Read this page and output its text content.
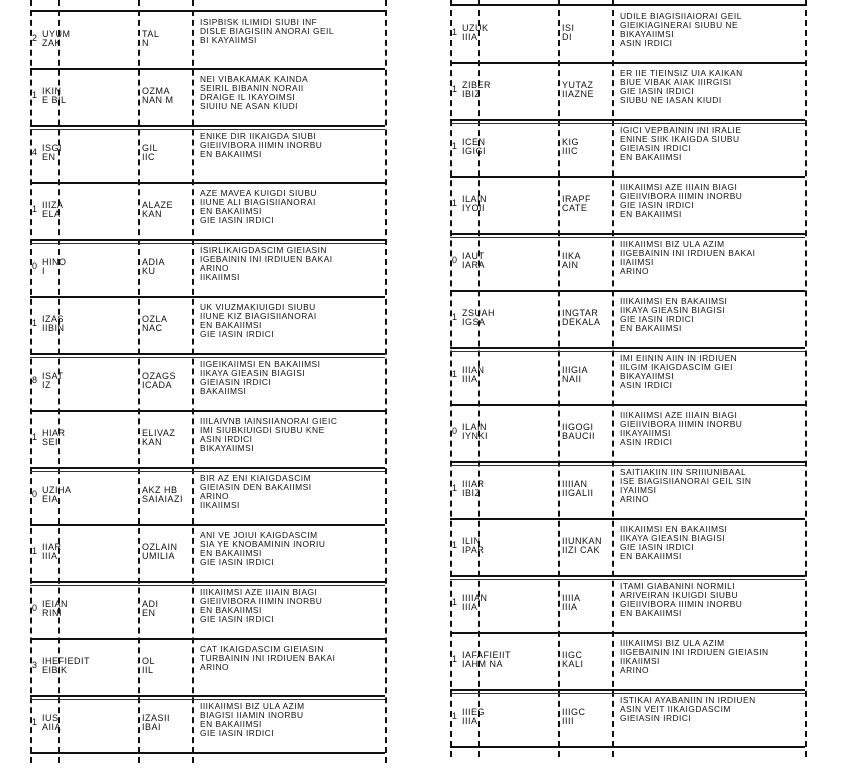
2 UYUM
ZAK
TAL
N
ISIPBISK ILIMIDI SIUBI INF
DISLE BIAGISIIN ANORAI GEIL
BI KAYAIIMSI
1 IKIN
E BIL
OZMA
NAN M
NEI VIBAKAMAK KAINDA
SEIRIL BIBANIN NORAII
DRAIGE IL IKAYOIMSI
SIUIIU NE ASAN KIUDI
4 ISGI
EN
GIL
IIC
ENIKE DIR IIKAIGDA SIUBI
GIEIIVIBORA IIIMIN INORBU
EN BAKAIIMSI
1 IIIZA
ELA
ALAZE
KAN
AZE MAVEA KUIGDI SIUBU
IIUNE ALI BIAGISIIANORAI
EN BAKAIIMSI
GIE IASIN IRDICI
0 HINO
I
ADIA
KU
ISIRLIKAIGDASCIM GIEIASIN
IGEBAININ INI IRDIUEN BAKAI
ARINO
IIKAIIMSI
1 IZAS
IIBIN
OZLA
NAC
UK VIUZMAKIUIGDI SIUBU
IIUNE KIZ BIAGISIIANORAI
EN BAKAIIMSI
GIE IASIN IRDICI
8 ISAT
IZ
OZAGS
ICADA
IIGEIKAIIMSI EN BAKAIIMSI
IIKAYA GIEASIN BIAGISI
GIEIASIN IRDICI
BAKAIIMSI
1 HIAR
SEI
ELIVAZ
KAN
IIILAIVNB IAINSIIANORAI GIEIC
IMI SIUBKIUIGDI SIUBU KNE
ASIN IRDICI
BIKAYAIIMSI
0 UZIHA
EIA
AKZ HB
SAIAIAZI
BIR AZ ENI KIAIGDASCIM
GIEIASIN DEN BAKAIIMSI
ARINO
IIKAIIMSI
1 IIAR
IIIA
OZLAIN
UMILIA
ANI VE JOIUI KAIGDASCIM
SIA YE KNOBAMININ INORIU
EN BAKAIIMSI
GIE IASIN IRDICI
0 IEIAN
RINI
ADI
EN
IIIKAIIMSI AZE IIIAIN BIAGI
GIEIIVIBORA IIIMIN INORBU
EN BAKAIIMSI
GIE IASIN IRDICI
3 IHEFIEDIT
EIBIK
OL
IIL
CAT IKAIGDASCIM GIEIASIN
TURBAININ INI IRDIUEN BAKAI
ARINO
1 IUS
AIIA
IZASII
IBAI
IIIKAIIMSI BIZ ULA AZIM
BIAGISI IIAMIN INORBU
EN BAKAIIMSI
GIE IASIN IRDICI
1 UZUK
IIIA
ISI
DI
UDILE BIAGISIIAIORAI GEIL
GIEIKIAGINERAI SIUBU NE
BIKAYAIIMSI
ASIN IRDICI
1 ZIBER
IBIZ
YUTAZ
IIAZNE
ER IIE TIEINSIZ UIA KAIKAN
BIUE VIBAK AIAK IIIRGISI
GIE IASIN IRDICI
SIUBU NE IASAN KIUDI
1 ICEN
IGIGI
KIG
IIIC
IGICI VEPBAININ INI IRALIE
ENINE SIIK IKAIGDA SIUBU
GIEIASIN IRDICI
EN BAKAIIMSI
1 ILAIN
IYOII
IRAPF
CATE
IIIKAIIMSI AZE IIIAIN BIAGI
GIEIIVIBORA IIIMIN INORBU
GIE IASIN IRDICI
EN BAKAIIMSI
0 IAUT
IARA
IIKA
AIN
IIIKAIIMSI BIZ ULA AZIM
IIGEBAININ INI IRDIUEN BAKAI
IIAIIMSI
ARINO
1 ZSUAH
IGSA
INGTAR
DEKALA
IIIKAIIMSI EN BAKAIIMSI
IIKAYA GIEASIN BIAGISI
GIE IASIN IRDICI
EN BAKAIIMSI
1 IIIAN
IIIA
IIIGIA
NAII
IMI EIININ AIIN IN IRDIUEN
IILGIM IKAIGDASCIM GIEI
BIKAYAIIMSI
ASIN IRDICI
0 ILAIN
IYNKI
IIGOGI
BAUCII
IIIKAIIMSI AZE IIIAIN BIAGI
GIEIIVIBORA IIIMIN INORBU
IIKAYAIIMSI
ASIN IRDICI
1 IIIAR
IBIZ
IIIIAN
IIGALII
SAITIAKIIN IIN SRIIIUNIBAAL
ISE BIAGISIIANORAI GEIL SIN
IYAIIMSI
ARINO
1 ILIN
IPAR
IIUNKAN
IIZI CAK
IIIKAIIMSI EN BAKAIIMSI
IIKAYA GIEASIN BIAGISI
GIE IASIN IRDICI
EN BAKAIIMSI
1 IIIIAN
IIIA
IIIIA
IIIA
ITAMI GIABANINI NORMILI
ARIVEIRAN IKUIGDI SIUBU
GIEIIVIBORA IIIMIN INORBU
EN BAKAIIMSI
1 IAFAFIEIIT
IAHM NA
IIGC
KALI
IIIKAIIMSI BIZ ULA AZIM
IIGEBAININ INI IRDIUEN GIEIASIN
IIKAIIMSI
ARINO
1 IIIEG
IIIA
IIIGC
IIII
ISTIKAI AYABANIIN IN IRDIUEN
ASIN VEIT IIKAIGDASCIM
GIEIASIN IRDICI
